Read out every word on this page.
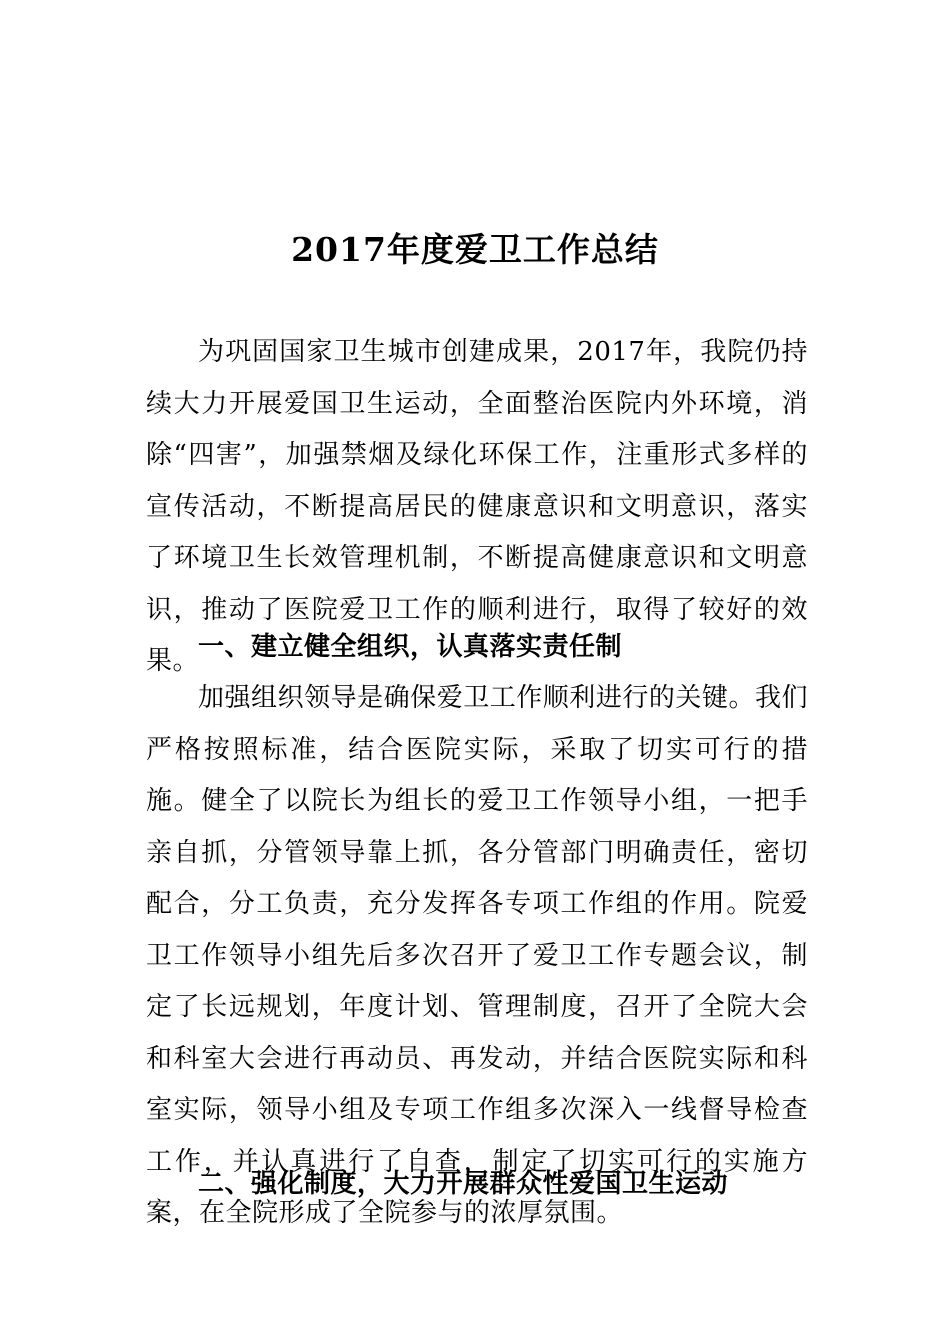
2017年度爱卫工作总结

为巩固国家卫生城市创建成果，2017年，我院仍持续大力开展爱国卫生运动，全面整治医院内外环境，消除“四害”，加强禁烟及绿化环保工作，注重形式多样的宣传活动，不断提高居民的健康意识和文明意识，落实了环境卫生长效管理机制，不断提高健康意识和文明意识，推动了医院爱卫工作的顺利进行，取得了较好的效果。

一、建立健全组织，认真落实责任制

加强组织领导是确保爱卫工作顺利进行的关键。我们严格按照标准，结合医院实际，采取了切实可行的措施。健全了以院长为组长的爱卫工作领导小组，一把手亲自抓，分管领导靠上抓，各分管部门明确责任，密切配合，分工负责，充分发挥各专项工作组的作用。院爱卫工作领导小组先后多次召开了爱卫工作专题会议，制定了长远规划，年度计划、管理制度，召开了全院大会和科室大会进行再动员、再发动，并结合医院实际和科室实际，领导小组及专项工作组多次深入一线督导检查工作，并认真进行了自查，制定了切实可行的实施方案，在全院形成了全院参与的浓厚氛围。

二、强化制度，大力开展群众性爱国卫生运动
